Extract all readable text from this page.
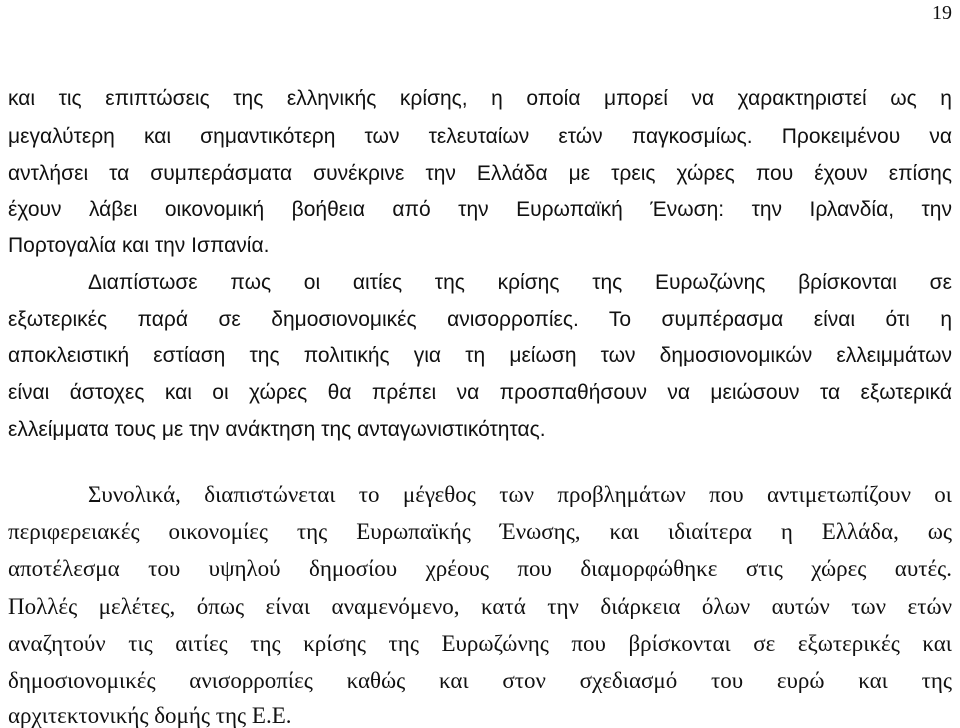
19

και τις επιπτώσεις της ελληνικής κρίσης, η οποία μπορεί να χαρακτηριστεί ως η

μεγαλύτερη και σημαντικότερη των τελευταίων ετών παγκοσμίως. Προκειμένου να

αντλήσει τα συμπεράσματα συνέκρινε την Ελλάδα με τρεις χώρες που έχουν επίσης

έχουν λάβει οικονομική βοήθεια από την Ευρωπαϊκή Ένωση: την Ιρλανδία, την

Πορτογαλία και την Ισπανία.

Διαπίστωσε πως οι αιτίες της κρίσης της Ευρωζώνης βρίσκονται σε

εξωτερικές παρά σε δημοσιονομικές ανισορροπίες. Το συμπέρασμα είναι ότι η

αποκλειστική εστίαση της πολιτικής για τη μείωση των δημοσιονομικών ελλειμμάτων

είναι άστοχες και οι χώρες θα πρέπει να προσπαθήσουν να μειώσουν τα εξωτερικά

ελλείμματα τους με την ανάκτηση της ανταγωνιστικότητας.

Συνολικά, διαπιστώνεται το μέγεθος των προβλημάτων που αντιμετωπίζουν οι

περιφερειακές οικονομίες της Ευρωπαϊκής Ένωσης, και ιδιαίτερα η Ελλάδα, ως

αποτέλεσμα του υψηλού δημοσίου χρέους που διαμορφώθηκε στις χώρες αυτές.

Πολλές μελέτες, όπως είναι αναμενόμενο, κατά την διάρκεια όλων αυτών των ετών

αναζητούν τις αιτίες της κρίσης της Ευρωζώνης που βρίσκονται σε εξωτερικές και

δημοσιονομικές ανισορροπίες καθώς και στον σχεδιασμό του ευρώ και της

αρχιτεκτονικής δομής της Ε.Ε.
